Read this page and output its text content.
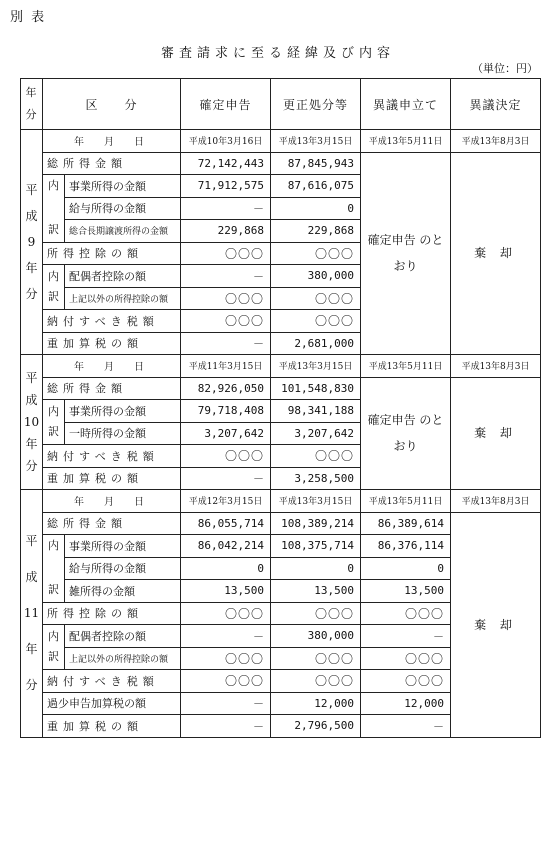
別 表
審査請求に至る経緯及び内容
（単位：円）
年 分	区　　分		確定申告	更正処分等	異議申立て	異議決定
平 成 9 年 分	年　月　日		平成10年3月16日	平成13年3月15日	平成13年5月11日	平成13年8月3日
	総所得金額		72,142,443	87,845,943	確定申告 のとおり	棄 却
	内

訳	事業所得の金額	71,912,575	87,616,075		
		給与所得の金額	－	0		
		総合長期譲渡所得の金額	229,868	229,868		
	所得控除の額		〇〇〇	〇〇〇		
	内
訳	配偶者控除の額	－	380,000		
		上記以外の所得控除の額	〇〇〇	〇〇〇		
	納付すべき税額		〇〇〇	〇〇〇		
	重加算税の額		－	2,681,000		
平 成 10 年 分	年　月　日		平成11年3月15日	平成13年3月15日	平成13年5月11日	平成13年8月3日
	総所得金額		82,926,050	101,548,830	確定申告 のとおり	棄 却
	内
訳	事業所得の金額	79,718,408	98,341,188		
		一時所得の金額	3,207,642	3,207,642		
	納付すべき税額		〇〇〇	〇〇〇		
	重加算税の額		－	3,258,500		
平 成 11 年 分	年　月　日		平成12年3月15日	平成13年3月15日	平成13年5月11日	平成13年8月3日
	総所得金額		86,055,714	108,389,214	86,389,614	棄 却
	内

訳	事業所得の金額	86,042,214	108,375,714	86,376,114	
		給与所得の金額	0	0	0	
		雑所得の金額	13,500	13,500	13,500	
	所得控除の額		〇〇〇	〇〇〇	〇〇〇	
	内
訳	配偶者控除の額	－	380,000	－	
		上記以外の所得控除の額	〇〇〇	〇〇〇	〇〇〇	
	納付すべき税額		〇〇〇	〇〇〇	〇〇〇	
	過少申告加算税の額		－	12,000	12,000	
	重加算税の額		－	2,796,500	－	
